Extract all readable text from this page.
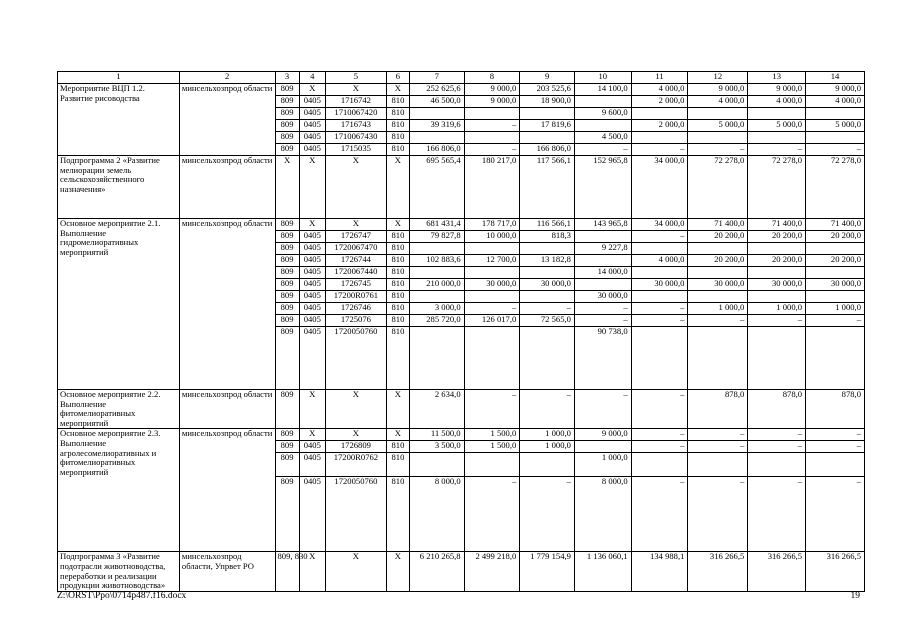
1	2	3	4	5	6	7	8	9	10	11	12	13	14
Мероприятие ВЦП 1.2. Развитие рисоводства	минсельхозпрод области	809	X	X	X	252 625,6	9 000,0	203 525,6	14 100,0	4 000,0	9 000,0	9 000,0	9 000,0
		809	0405	1716742	810	46 500,0	9 000,0	18 900,0		2 000,0	4 000,0	4 000,0	4 000,0
		809	0405	1710067420	810				9 600,0				
		809	0405	1716743	810	39 319,6	–	17 819,6		2 000,0	5 000,0	5 000,0	5 000,0
		809	0405	1710067430	810				4 500,0				
		809	0405	1715035	810	166 806,0	–	166 806,0	–	–	–	–	–
Подпрограмма 2 «Развитие мелиорации земель сельскохозяйственного назначения»	минсельхозпрод области	X	X	X	X	695 565,4	180 217,0	117 566,1	152 965,8	34 000,0	72 278,0	72 278,0	72 278,0
Основное мероприятие 2.1. Выполнение гидромелиоративных мероприятий	минсельхозпрод области	809	X	X	X	681 431,4	178 717,0	116 566,1	143 965,8	34 000,0	71 400,0	71 400,0	71 400,0
		809	0405	1726747	810	79 827,8	10 000,0	818,3		–	20 200,0	20 200,0	20 200,0
		809	0405	1720067470	810				9 227,8				
		809	0405	1726744	810	102 883,6	12 700,0	13 182,8		4 000,0	20 200,0	20 200,0	20 200,0
		809	0405	1720067440	810				14 000,0				
		809	0405	1726745	810	210 000,0	30 000,0	30 000,0		30 000,0	30 000,0	30 000,0	30 000,0
		809	0405	17200R0761	810				30 000,0				
		809	0405	1726746	810	3 000,0	–	–	–	–	1 000,0	1 000,0	1 000,0
		809	0405	1725076	810	285 720,0	126 017,0	72 565,0	–	–	–	–	–
		809	0405	1720050760	810				90 738,0				
Основное мероприятие 2.2. Выполнение фитомелиоративных мероприятий	минсельхозпрод области	809	X	X	X	2 634,0	–	–	–	–	878,0	878,0	878,0
Основное мероприятие 2.3. Выполнение агролесомелиоративных и фитомелиоративных мероприятий	минсельхозпрод области	809	X	X	X	11 500,0	1 500,0	1 000,0	9 000,0	–	–	–	–
		809	0405	1726809	810	3 500,0	1 500,0	1 000,0		–	–	–	–
		809	0405	17200R0762	810				1 000,0				
		809	0405	1720050760	810	8 000,0	–	–	8 000,0	–	–	–	–
Подпрограмма 3 «Развитие подотрасли животноводства, переработки и реализации продукции животноводства»	минсельхозпрод области, Упрвет РО	809, 830	X	X	X	6 210 265,8	2 499 218,0	1 779 154,9	1 136 060,1	134 988,1	316 266,5	316 266,5	316 266,5
Z:\ORST\Ppo\0714p487.f16.docx	19
